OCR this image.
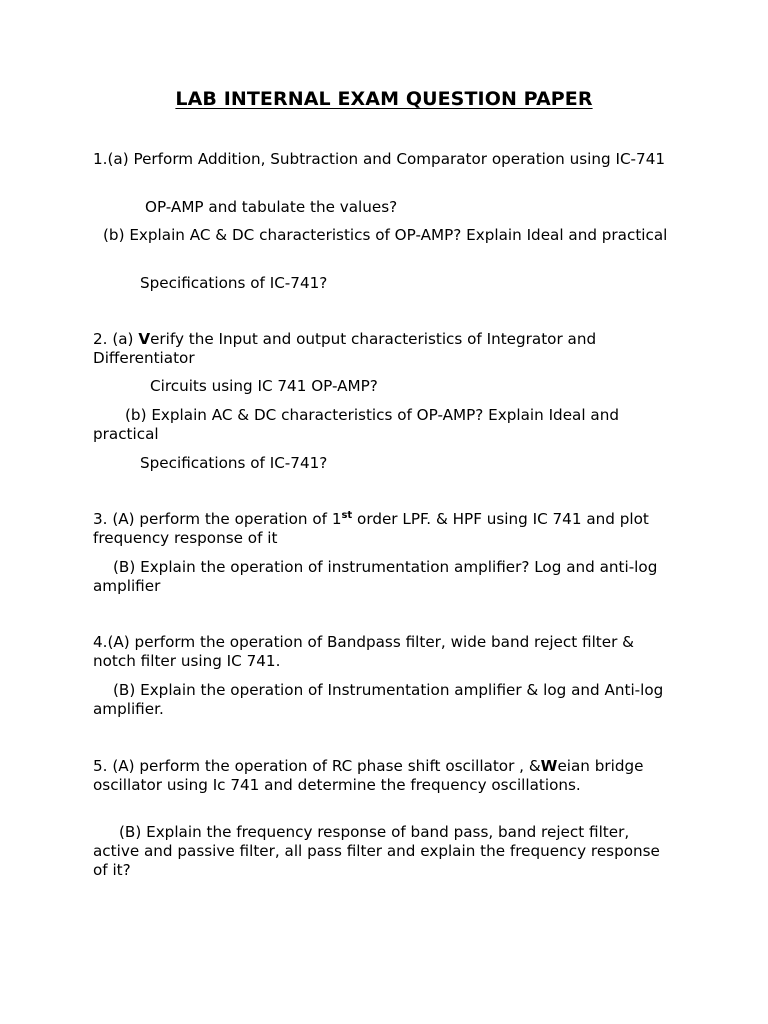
LAB INTERNAL EXAM QUESTION PAPER
1.(a) Perform Addition, Subtraction and Comparator operation using IC-741
OP-AMP and tabulate the values?
(b) Explain AC & DC characteristics of OP-AMP? Explain Ideal and practical
Specifications of IC-741?
2. (a) Verify the Input and output characteristics of Integrator and Differentiator
Circuits using IC 741 OP-AMP?
(b) Explain AC & DC characteristics of OP-AMP? Explain Ideal and practical
Specifications of IC-741?
3. (A) perform the operation of 1st order LPF. & HPF using IC 741 and plot frequency response of it
(B) Explain the operation of instrumentation amplifier? Log and anti-log amplifier
4.(A) perform the operation of Bandpass filter, wide band reject filter & notch filter using IC 741.
(B) Explain the operation of Instrumentation amplifier & log and Anti-log amplifier.
5. (A) perform the operation of RC phase shift oscillator , &Weian bridge oscillator using Ic 741 and determine the frequency oscillations.
(B) Explain the frequency response of band pass, band reject filter, active and passive filter, all pass filter and explain the frequency response of it?
